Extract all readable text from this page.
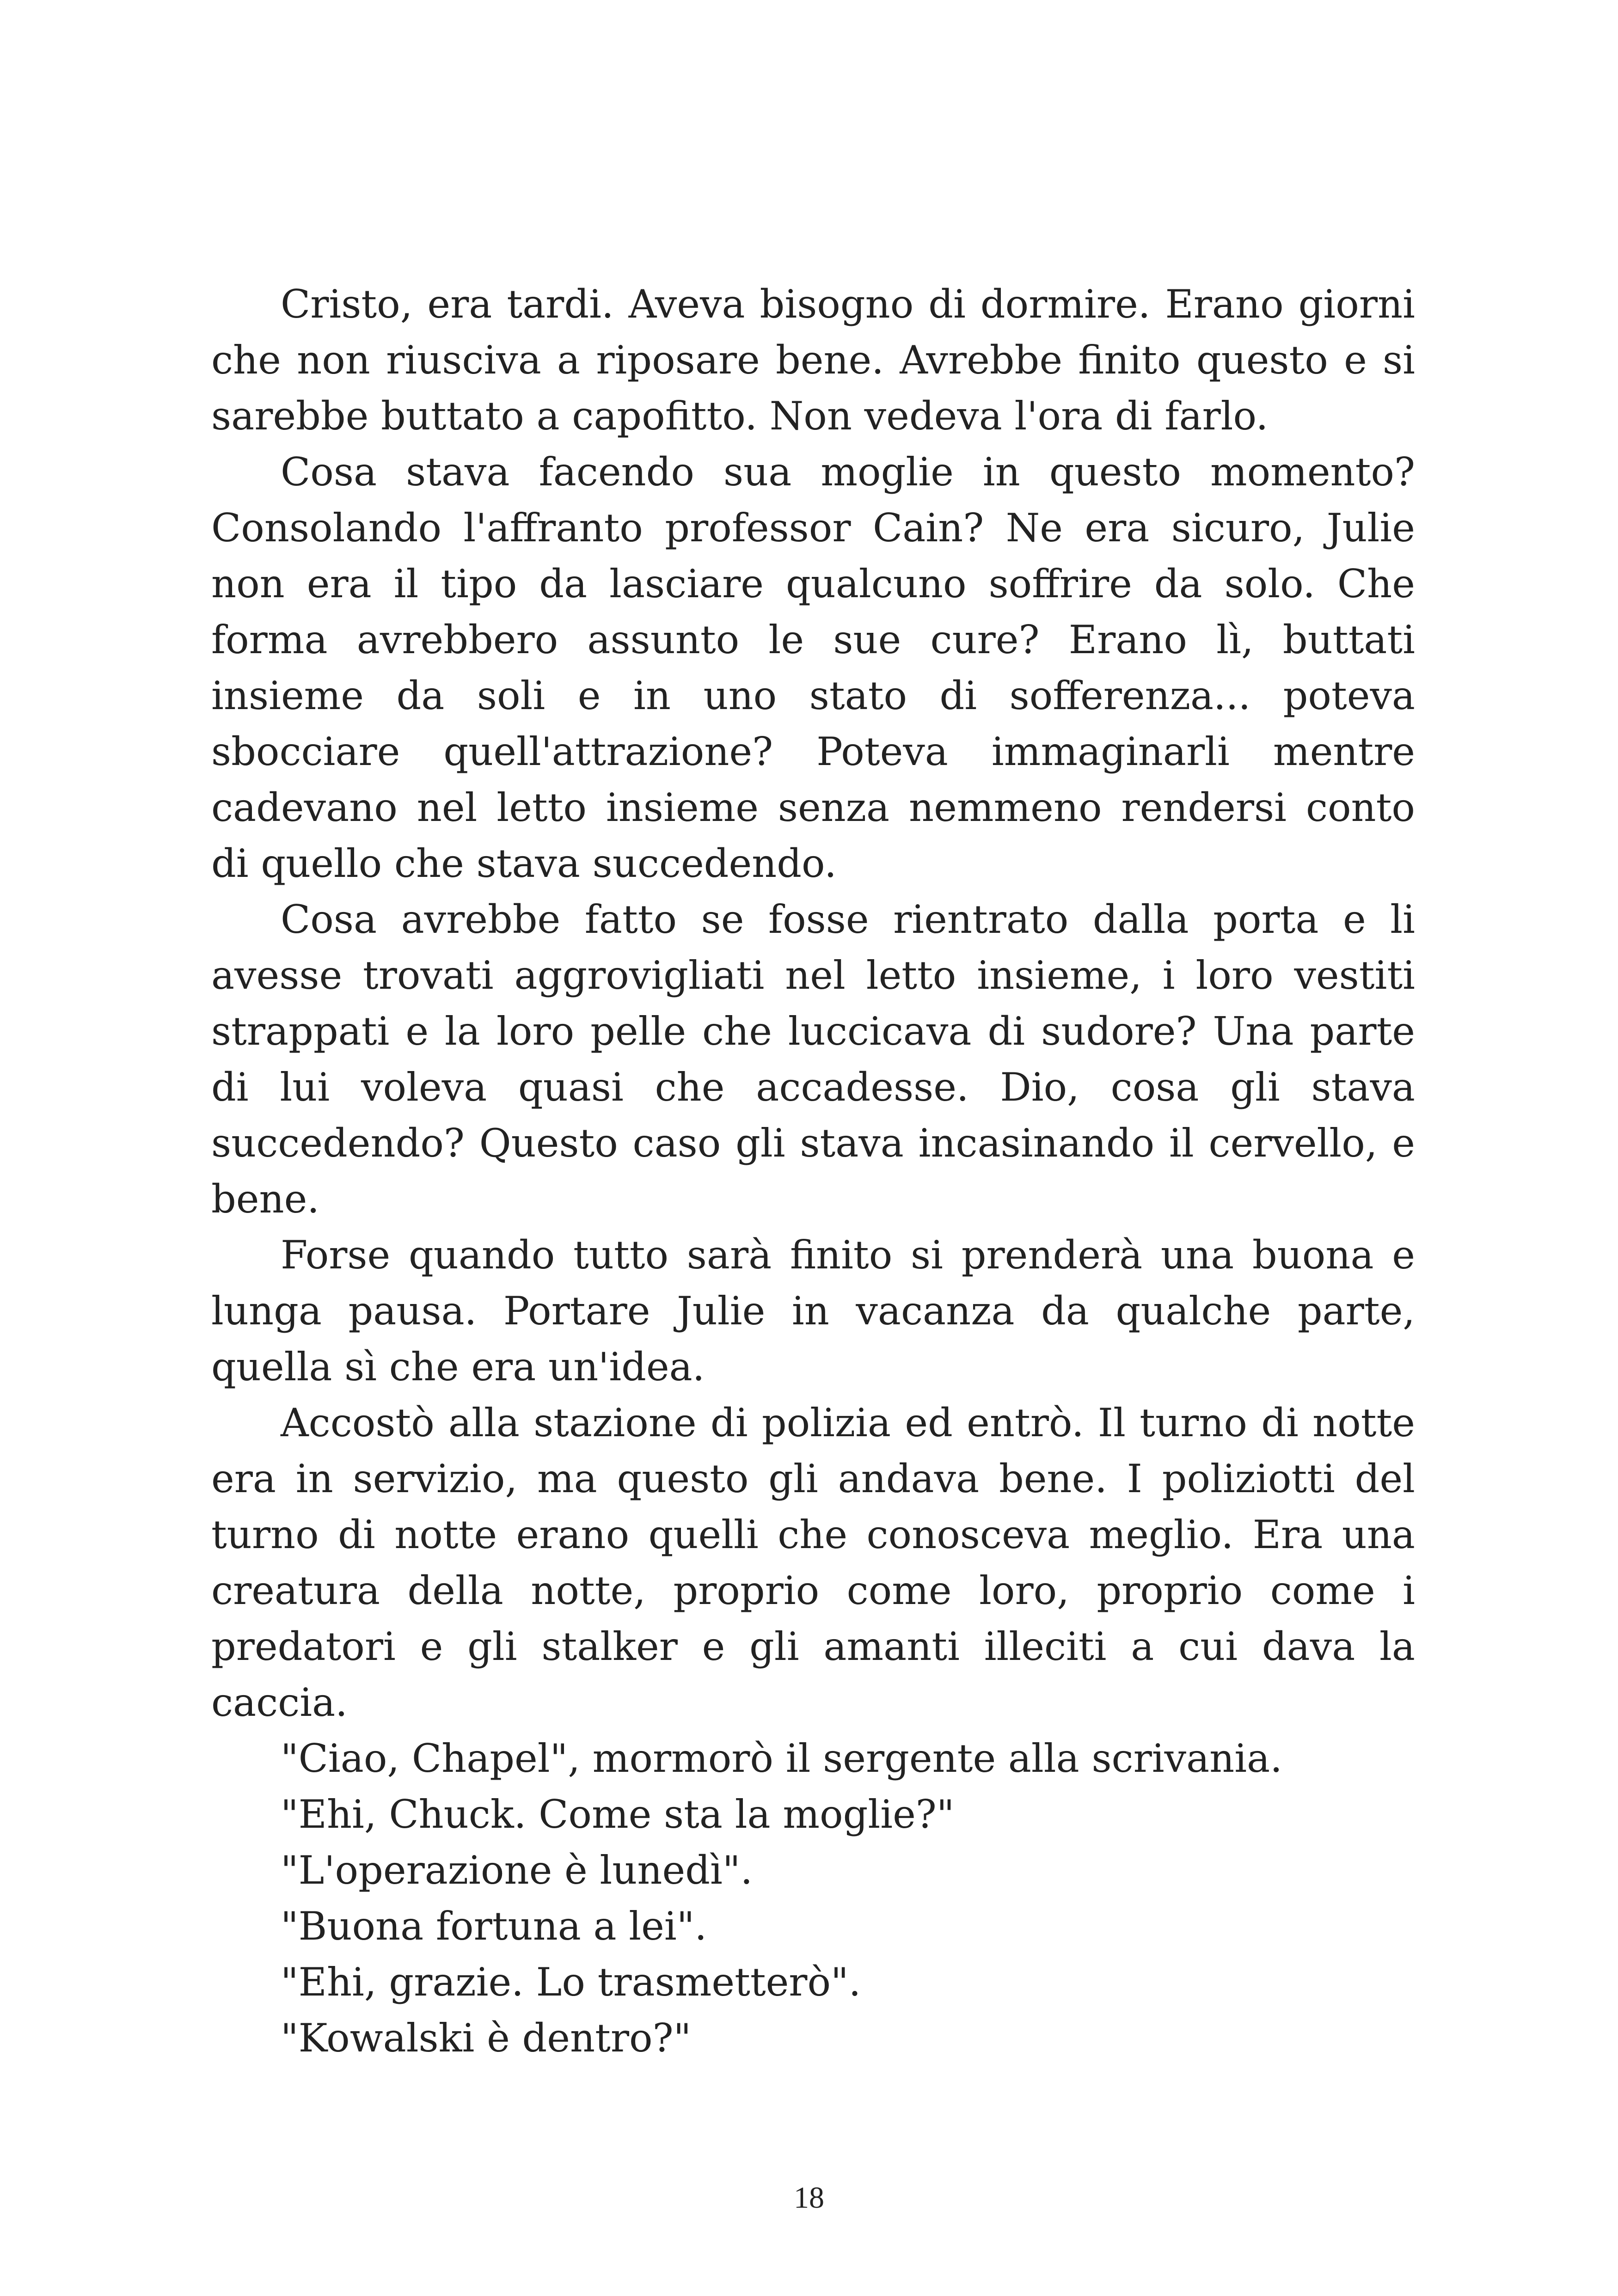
Cristo, era tardi. Aveva bisogno di dormire. Erano giorni che non riusciva a riposare bene. Avrebbe finito questo e si sarebbe buttato a capofitto. Non vedeva l'ora di farlo.

Cosa stava facendo sua moglie in questo momento? Consolando l'affranto professor Cain? Ne era sicuro, Julie non era il tipo da lasciare qualcuno soffrire da solo. Che forma avrebbero assunto le sue cure? Erano lì, buttati insieme da soli e in uno stato di sofferenza... poteva sbocciare quell'attrazione? Poteva immaginarli mentre cadevano nel letto insieme senza nemmeno rendersi conto di quello che stava succedendo.

Cosa avrebbe fatto se fosse rientrato dalla porta e li avesse trovati aggrovigliati nel letto insieme, i loro vestiti strappati e la loro pelle che luccicava di sudore? Una parte di lui voleva quasi che accadesse. Dio, cosa gli stava succedendo? Questo caso gli stava incasinando il cervello, e bene.

Forse quando tutto sarà finito si prenderà una buona e lunga pausa. Portare Julie in vacanza da qualche parte, quella sì che era un'idea.

Accostò alla stazione di polizia ed entrò. Il turno di notte era in servizio, ma questo gli andava bene. I poliziotti del turno di notte erano quelli che conosceva meglio. Era una creatura della notte, proprio come loro, proprio come i predatori e gli stalker e gli amanti illeciti a cui dava la caccia.

"Ciao, Chapel", mormorò il sergente alla scrivania.

"Ehi, Chuck. Come sta la moglie?"

"L'operazione è lunedì".

"Buona fortuna a lei".

"Ehi, grazie. Lo trasmetterò".

"Kowalski è dentro?"

18
